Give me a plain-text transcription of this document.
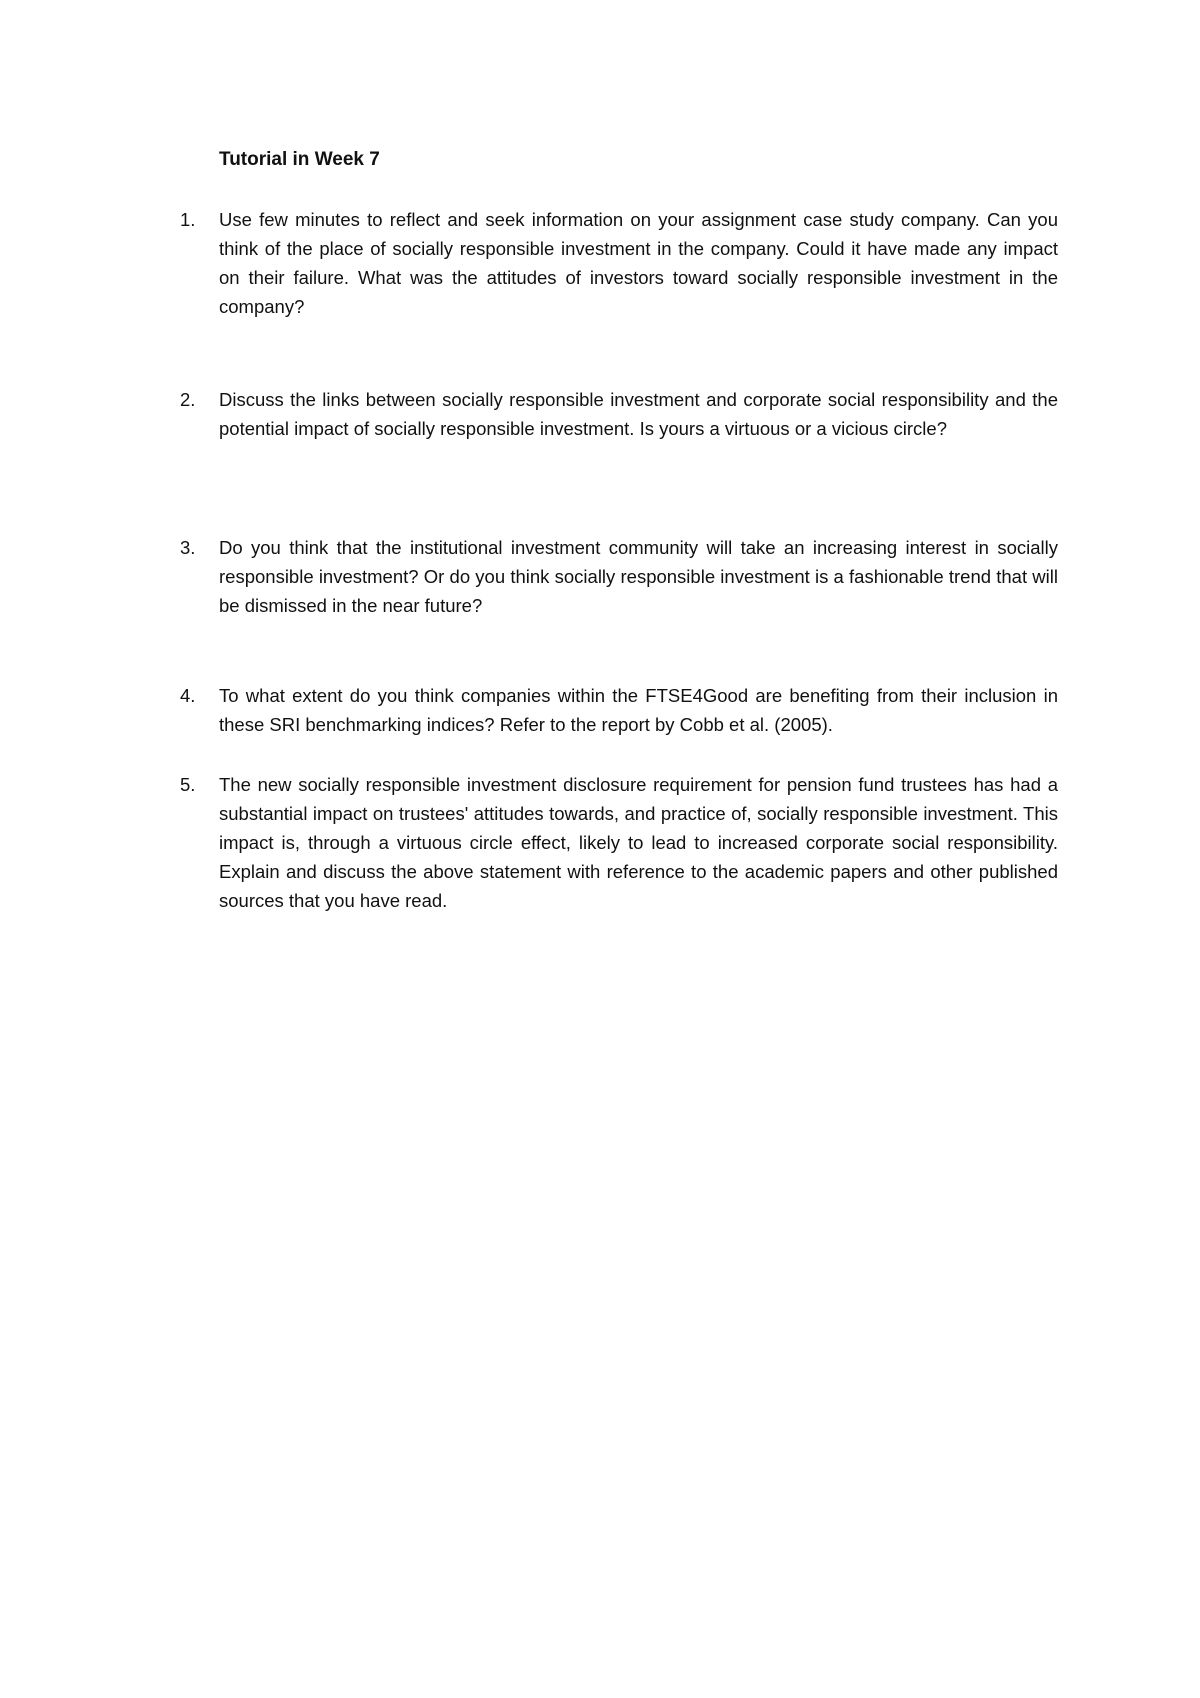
Tutorial in Week 7
1.	Use few minutes to reflect and seek information on your assignment case study company. Can you think of the place of socially responsible investment in the company. Could it have made any impact on their failure. What was the attitudes of investors toward socially responsible investment in the company?

2.	Discuss the links between socially responsible investment and corporate social responsibility and the potential impact of socially responsible investment. Is yours a virtuous or a vicious circle?

3.	Do you think that the institutional investment community will take an increasing interest in socially responsible investment? Or do you think socially responsible investment is a fashionable trend that will be dismissed in the near future?

4.	To what extent do you think companies within the FTSE4Good are benefiting from their inclusion in these SRI benchmarking indices? Refer to the report by Cobb et al. (2005).

5.	The new socially responsible investment disclosure requirement for pension fund trustees has had a substantial impact on trustees' attitudes towards, and practice of, socially responsible investment. This impact is, through a virtuous circle effect, likely to lead to increased corporate social responsibility. Explain and discuss the above statement with reference to the academic papers and other published sources that you have read.
